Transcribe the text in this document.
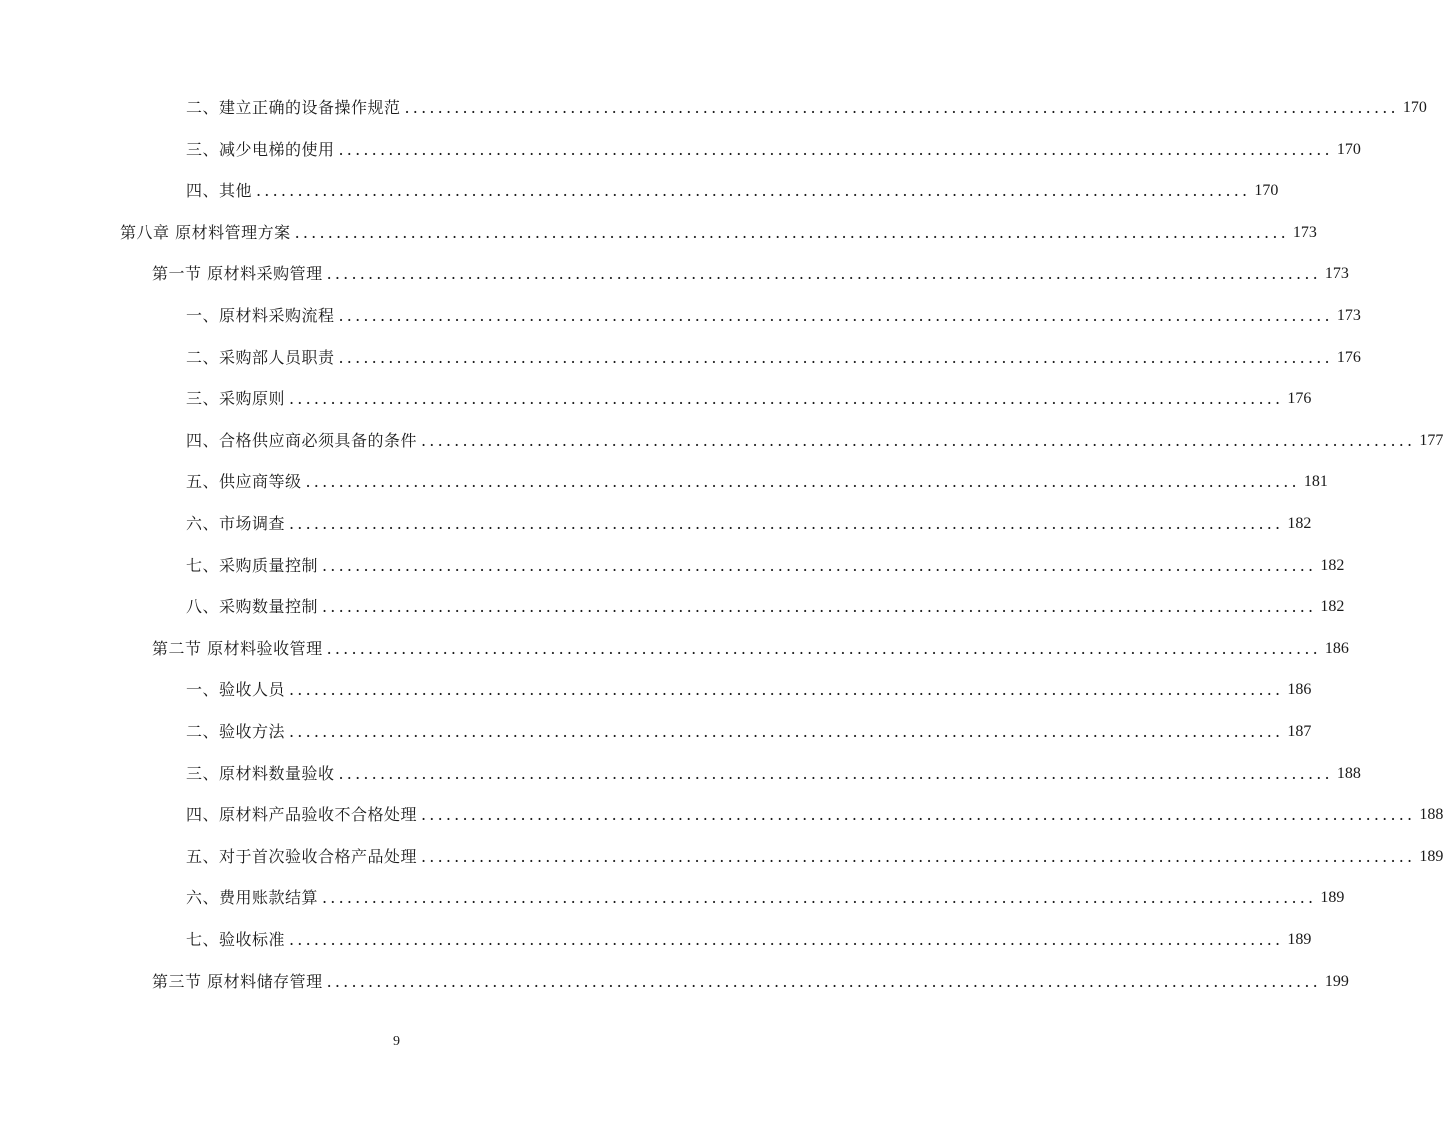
二、建立正确的设备操作规范 ........................................................................................................................ 170
三、减少电梯的使用 ........................................................................................................................ 170
四、其他 ........................................................................................................................ 170
第八章 原材料管理方案 ........................................................................................................................ 173
第一节 原材料采购管理 ........................................................................................................................ 173
一、原材料采购流程 ........................................................................................................................ 173
二、采购部人员职责 ........................................................................................................................ 176
三、采购原则 ........................................................................................................................ 176
四、合格供应商必须具备的条件 ........................................................................................................................ 177
五、供应商等级 ........................................................................................................................ 181
六、市场调查 ........................................................................................................................ 182
七、采购质量控制 ........................................................................................................................ 182
八、采购数量控制 ........................................................................................................................ 182
第二节 原材料验收管理 ........................................................................................................................ 186
一、验收人员 ........................................................................................................................ 186
二、验收方法 ........................................................................................................................ 187
三、原材料数量验收 ........................................................................................................................ 188
四、原材料产品验收不合格处理 ........................................................................................................................ 188
五、对于首次验收合格产品处理 ........................................................................................................................ 189
六、费用账款结算 ........................................................................................................................ 189
七、验收标准 ........................................................................................................................ 189
第三节 原材料储存管理 ........................................................................................................................ 199
9
